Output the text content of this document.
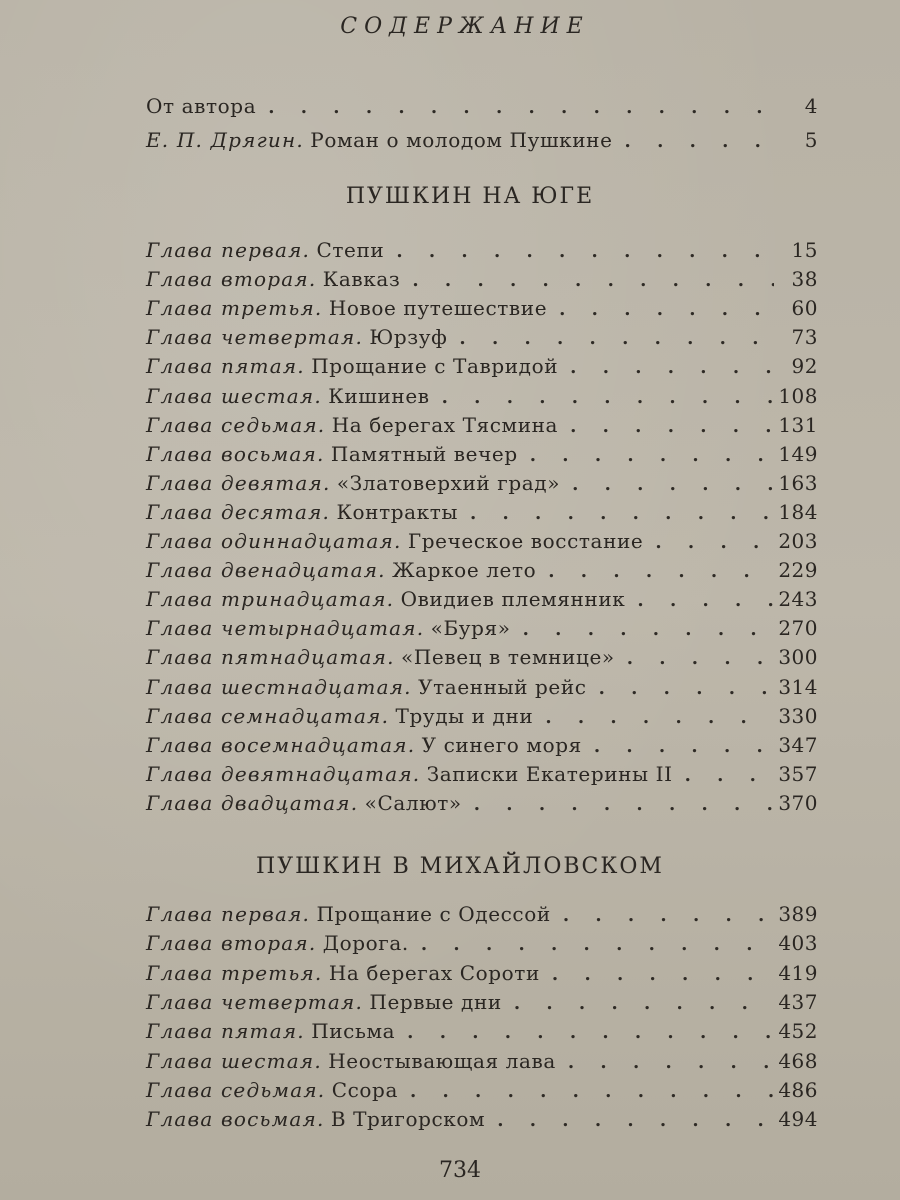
СОДЕРЖАНИЕ
От автора . . .	4
Е. П. Дрягин. Роман о молодом Пушкине . . .	5
ПУШКИН НА ЮГЕ
Глава первая. Степи . . .	15
Глава вторая. Кавказ . . .	38
Глава третья. Новое путешествие . . .	60
Глава четвертая. Юрзуф . . .	73
Глава пятая. Прощание с Тавридой . . .	92
Глава шестая. Кишинев . . .	108
Глава седьмая. На берегах Тясмина . . .	131
Глава восьмая. Памятный вечер . . .	149
Глава девятая. «Златоверхий град» . . .	163
Глава десятая. Контракты . . .	184
Глава одиннадцатая. Греческое восстание . . .	203
Глава двенадцатая. Жаркое лето . . .	229
Глава тринадцатая. Овидиев племянник . . .	243
Глава четырнадцатая. «Буря» . . .	270
Глава пятнадцатая. «Певец в темнице» . . .	300
Глава шестнадцатая. Утаенный рейс . . .	314
Глава семнадцатая. Труды и дни . . .	330
Глава восемнадцатая. У синего моря . . .	347
Глава девятнадцатая. Записки Екатерины II . . .	357
Глава двадцатая. «Салют» . . .	370
ПУШКИН В МИХАЙЛОВСКОМ
Глава первая. Прощание с Одессой . . .	389
Глава вторая. Дорога. . . .	403
Глава третья. На берегах Сороти . . .	419
Глава четвертая. Первые дни . . .	437
Глава пятая. Письма . . .	452
Глава шестая. Неостывающая лава . . .	468
Глава седьмая. Ссора . . .	486
Глава восьмая. В Тригорском . . .	494
734
